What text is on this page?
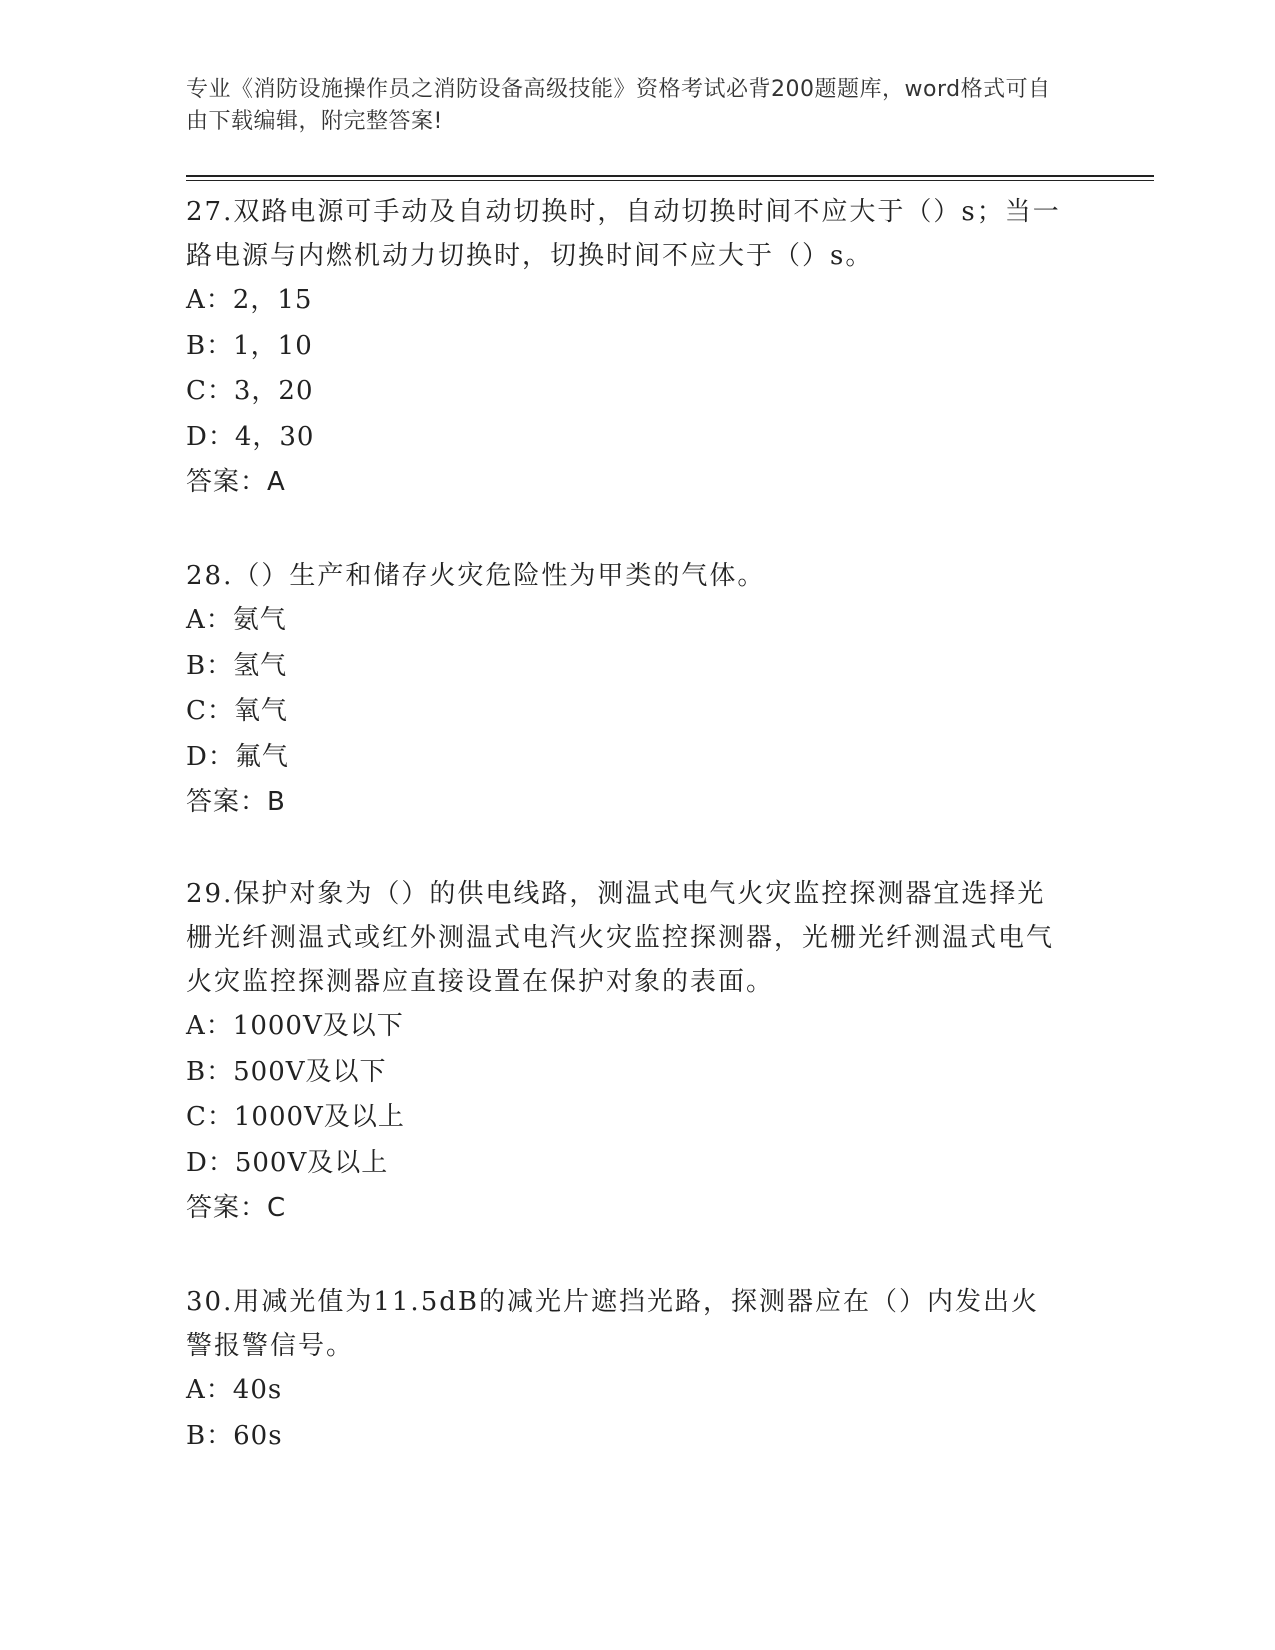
专业《消防设施操作员之消防设备高级技能》资格考试必背200题题库，word格式可自由下载编辑，附完整答案!
27.双路电源可手动及自动切换时，自动切换时间不应大于（）s；当一路电源与内燃机动力切换时，切换时间不应大于（）s。
A：2，15
B：1，10
C：3，20
D：4，30
答案：A
28.（）生产和储存火灾危险性为甲类的气体。
A：氨气
B：氢气
C：氧气
D：氟气
答案：B
29.保护对象为（）的供电线路，测温式电气火灾监控探测器宜选择光栅光纤测温式或红外测温式电汽火灾监控探测器，光栅光纤测温式电气火灾监控探测器应直接设置在保护对象的表面。
A：1000V及以下
B：500V及以下
C：1000V及以上
D：500V及以上
答案：C
30.用减光值为11.5dB的减光片遮挡光路，探测器应在（）内发出火警报警信号。
A：40s
B：60s
